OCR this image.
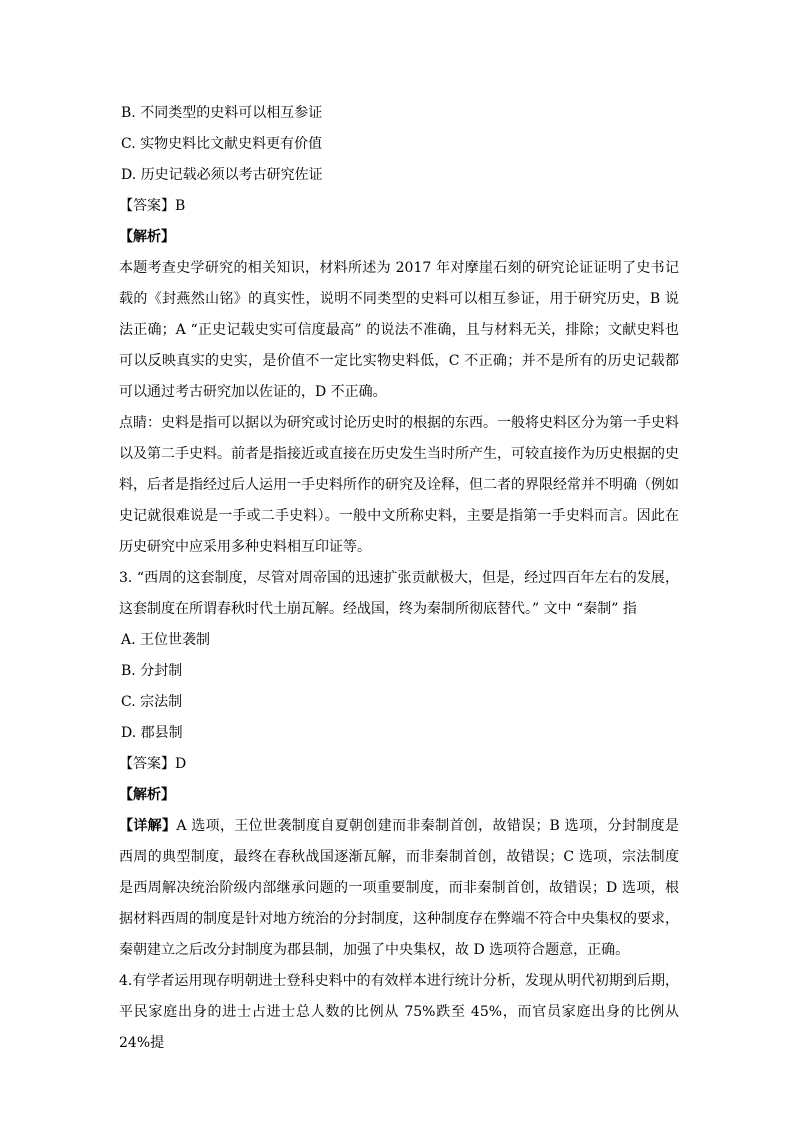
B. 不同类型的史料可以相互参证
C. 实物史料比文献史料更有价值
D. 历史记载必须以考古研究佐证
【答案】B
【解析】

本题考查史学研究的相关知识，材料所述为 2017 年对摩崖石刻的研究论证证明了史书记载的《封燕然山铭》的真实性，说明不同类型的史料可以相互参证，用于研究历史，B 说法正确；A “正史记载史实可信度最高” 的说法不准确，且与材料无关，排除；文献史料也可以反映真实的史实，是价值不一定比实物史料低，C 不正确；并不是所有的历史记载都可以通过考古研究加以佐证的，D 不正确。

点睛：史料是指可以据以为研究或讨论历史时的根据的东西。一般将史料区分为第一手史料以及第二手史料。前者是指接近或直接在历史发生当时所产生，可较直接作为历史根据的史料，后者是指经过后人运用一手史料所作的研究及诠释，但二者的界限经常并不明确（例如史记就很难说是一手或二手史料）。一般中文所称史料，主要是指第一手史料而言。因此在历史研究中应采用多种史料相互印证等。

3. “西周的这套制度，尽管对周帝国的迅速扩张贡献极大，但是，经过四百年左右的发展，这套制度在所谓春秋时代土崩瓦解。经战国，终为秦制所彻底替代。” 文中 “秦制” 指

A. 王位世袭制
B. 分封制
C. 宗法制
D. 郡县制
【答案】D
【解析】

【详解】A 选项，王位世袭制度自夏朝创建而非秦制首创，故错误；B 选项，分封制度是西周的典型制度，最终在春秋战国逐渐瓦解，而非秦制首创，故错误；C 选项，宗法制度是西周解决统治阶级内部继承问题的一项重要制度，而非秦制首创，故错误；D 选项，根据材料西周的制度是针对地方统治的分封制度，这种制度存在弊端不符合中央集权的要求，秦朝建立之后改分封制度为郡县制，加强了中央集权，故 D 选项符合题意，正确。

4.有学者运用现存明朝进士登科史料中的有效样本进行统计分析，发现从明代初期到后期，平民家庭出身的进士占进士总人数的比例从 75%跌至 45%，而官员家庭出身的比例从 24%提
